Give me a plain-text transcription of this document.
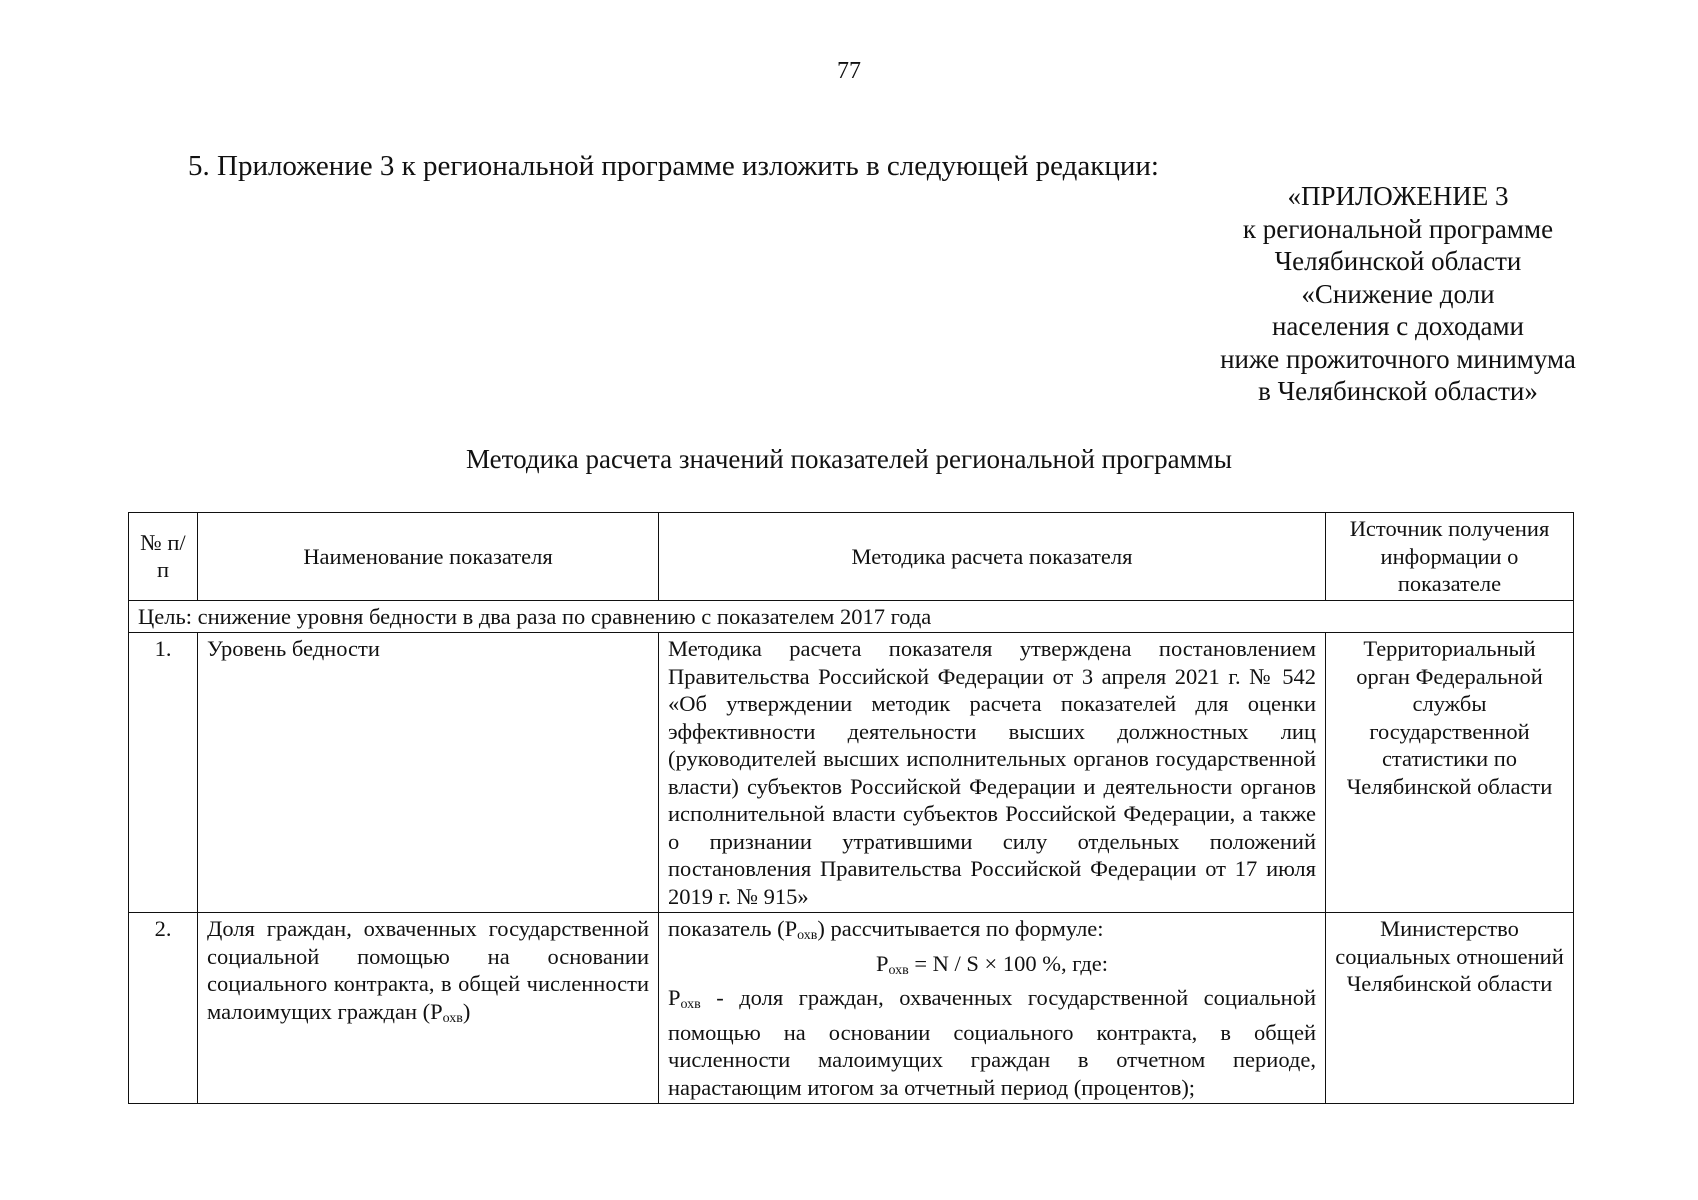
77
5. Приложение 3 к региональной программе изложить в следующей редакции:
«ПРИЛОЖЕНИЕ 3
к региональной программе
Челябинской области
«Снижение доли
населения с доходами
ниже прожиточного минимума
в Челябинской области»
Методика расчета значений показателей региональной программы
№ п/п	Наименование показателя	Методика расчета показателя	Источник получения информации о показателе
Цель: снижение уровня бедности в два раза по сравнению с показателем 2017 года			
1.	Уровень бедности	Методика расчета показателя утверждена постановлением Правительства Российской Федерации от 3 апреля 2021 г. № 542 «Об утверждении методик расчета показателей для оценки эффективности деятельности высших должностных лиц (руководителей высших исполнительных органов государственной власти) субъектов Российской Федерации и деятельности органов исполнительной власти субъектов Российской Федерации, а также о признании утратившими силу отдельных положений постановления Правительства Российской Федерации от 17 июля 2019 г. № 915»	Территориальный орган Федеральной службы государственной статистики по Челябинской области
2.	Доля граждан, охваченных государственной социальной помощью на основании социального контракта, в общей численности малоимущих граждан $(P_{охв})$	показатель $(P_{охв})$ рассчитывается по формуле:
$P_{охв} = N / S \times 100$ %, где:
$P_{охв}$ - доля граждан, охваченных государственной социальной помощью на основании социального контракта, в общей численности малоимущих граждан в отчетном периоде, нарастающим итогом за отчетный период (процентов);	Министерство социальных отношений Челябинской области
